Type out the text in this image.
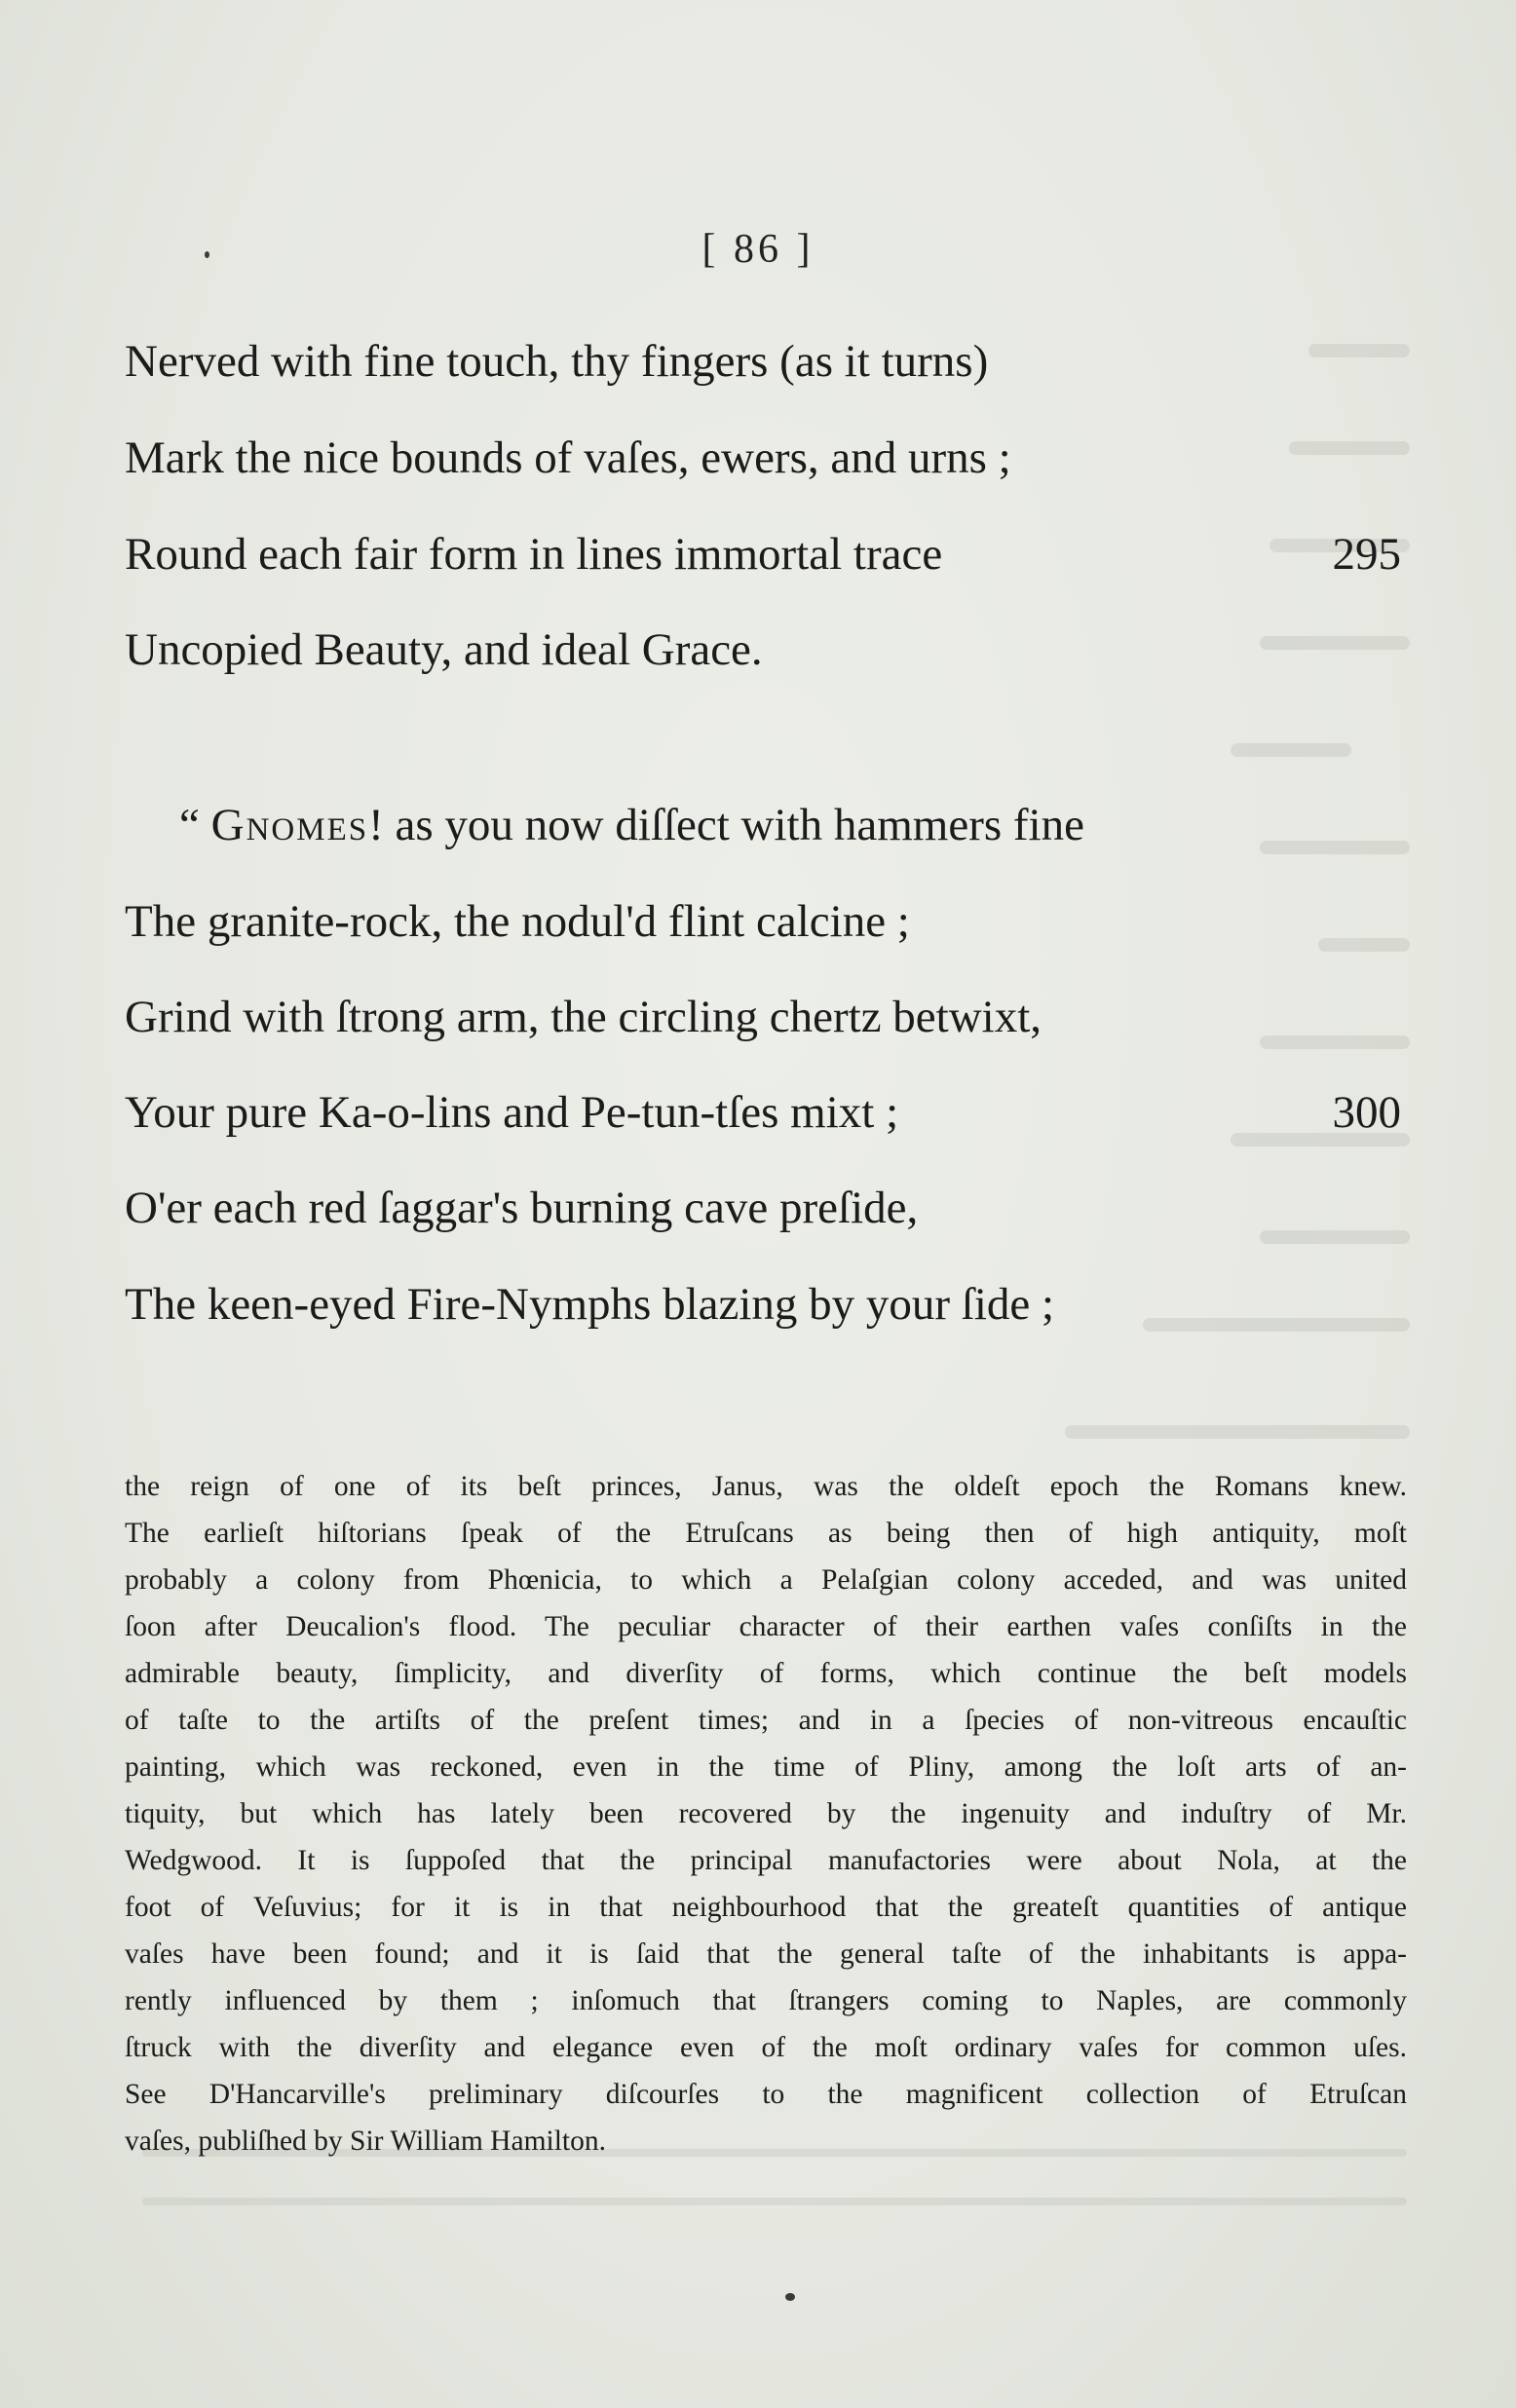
[ 86 ]
Nerved with fine touch, thy fingers (as it turns)
Mark the nice bounds of vaſes, ewers, and urns ;
Round each fair form in lines immortal trace	295
Uncopied Beauty, and ideal Grace.
“ Gnomes! as you now diſſect with hammers fine
The granite-rock, the nodul'd flint calcine ;
Grind with ſtrong arm, the circling chertz betwixt,
Your pure Ka-o-lins and Pe-tun-tſes mixt ;	300
O'er each red ſaggar's burning cave preſide,
The keen-eyed Fire-Nymphs blazing by your ſide ;
the reign of one of its beſt princes, Janus, was the oldeſt epoch the Romans knew.
The earlieſt hiſtorians ſpeak of the Etruſcans as being then of high antiquity, moſt
probably a colony from Phœnicia, to which a Pelaſgian colony acceded, and was united
ſoon after Deucalion's flood. The peculiar character of their earthen vaſes conſiſts in the
admirable beauty, ſimplicity, and diverſity of forms, which continue the beſt models
of taſte to the artiſts of the preſent times; and in a ſpecies of non-vitreous encauſtic
painting, which was reckoned, even in the time of Pliny, among the loſt arts of an-
tiquity, but which has lately been recovered by the ingenuity and induſtry of Mr.
Wedgwood. It is ſuppoſed that the principal manufactories were about Nola, at the
foot of Veſuvius; for it is in that neighbourhood that the greateſt quantities of antique
vaſes have been found; and it is ſaid that the general taſte of the inhabitants is appa-
rently influenced by them ; inſomuch that ſtrangers coming to Naples, are commonly
ſtruck with the diverſity and elegance even of the moſt ordinary vaſes for common uſes.
See D'Hancarville's preliminary diſcourſes to the magnificent collection of Etruſcan
vaſes, publiſhed by Sir William Hamilton.
